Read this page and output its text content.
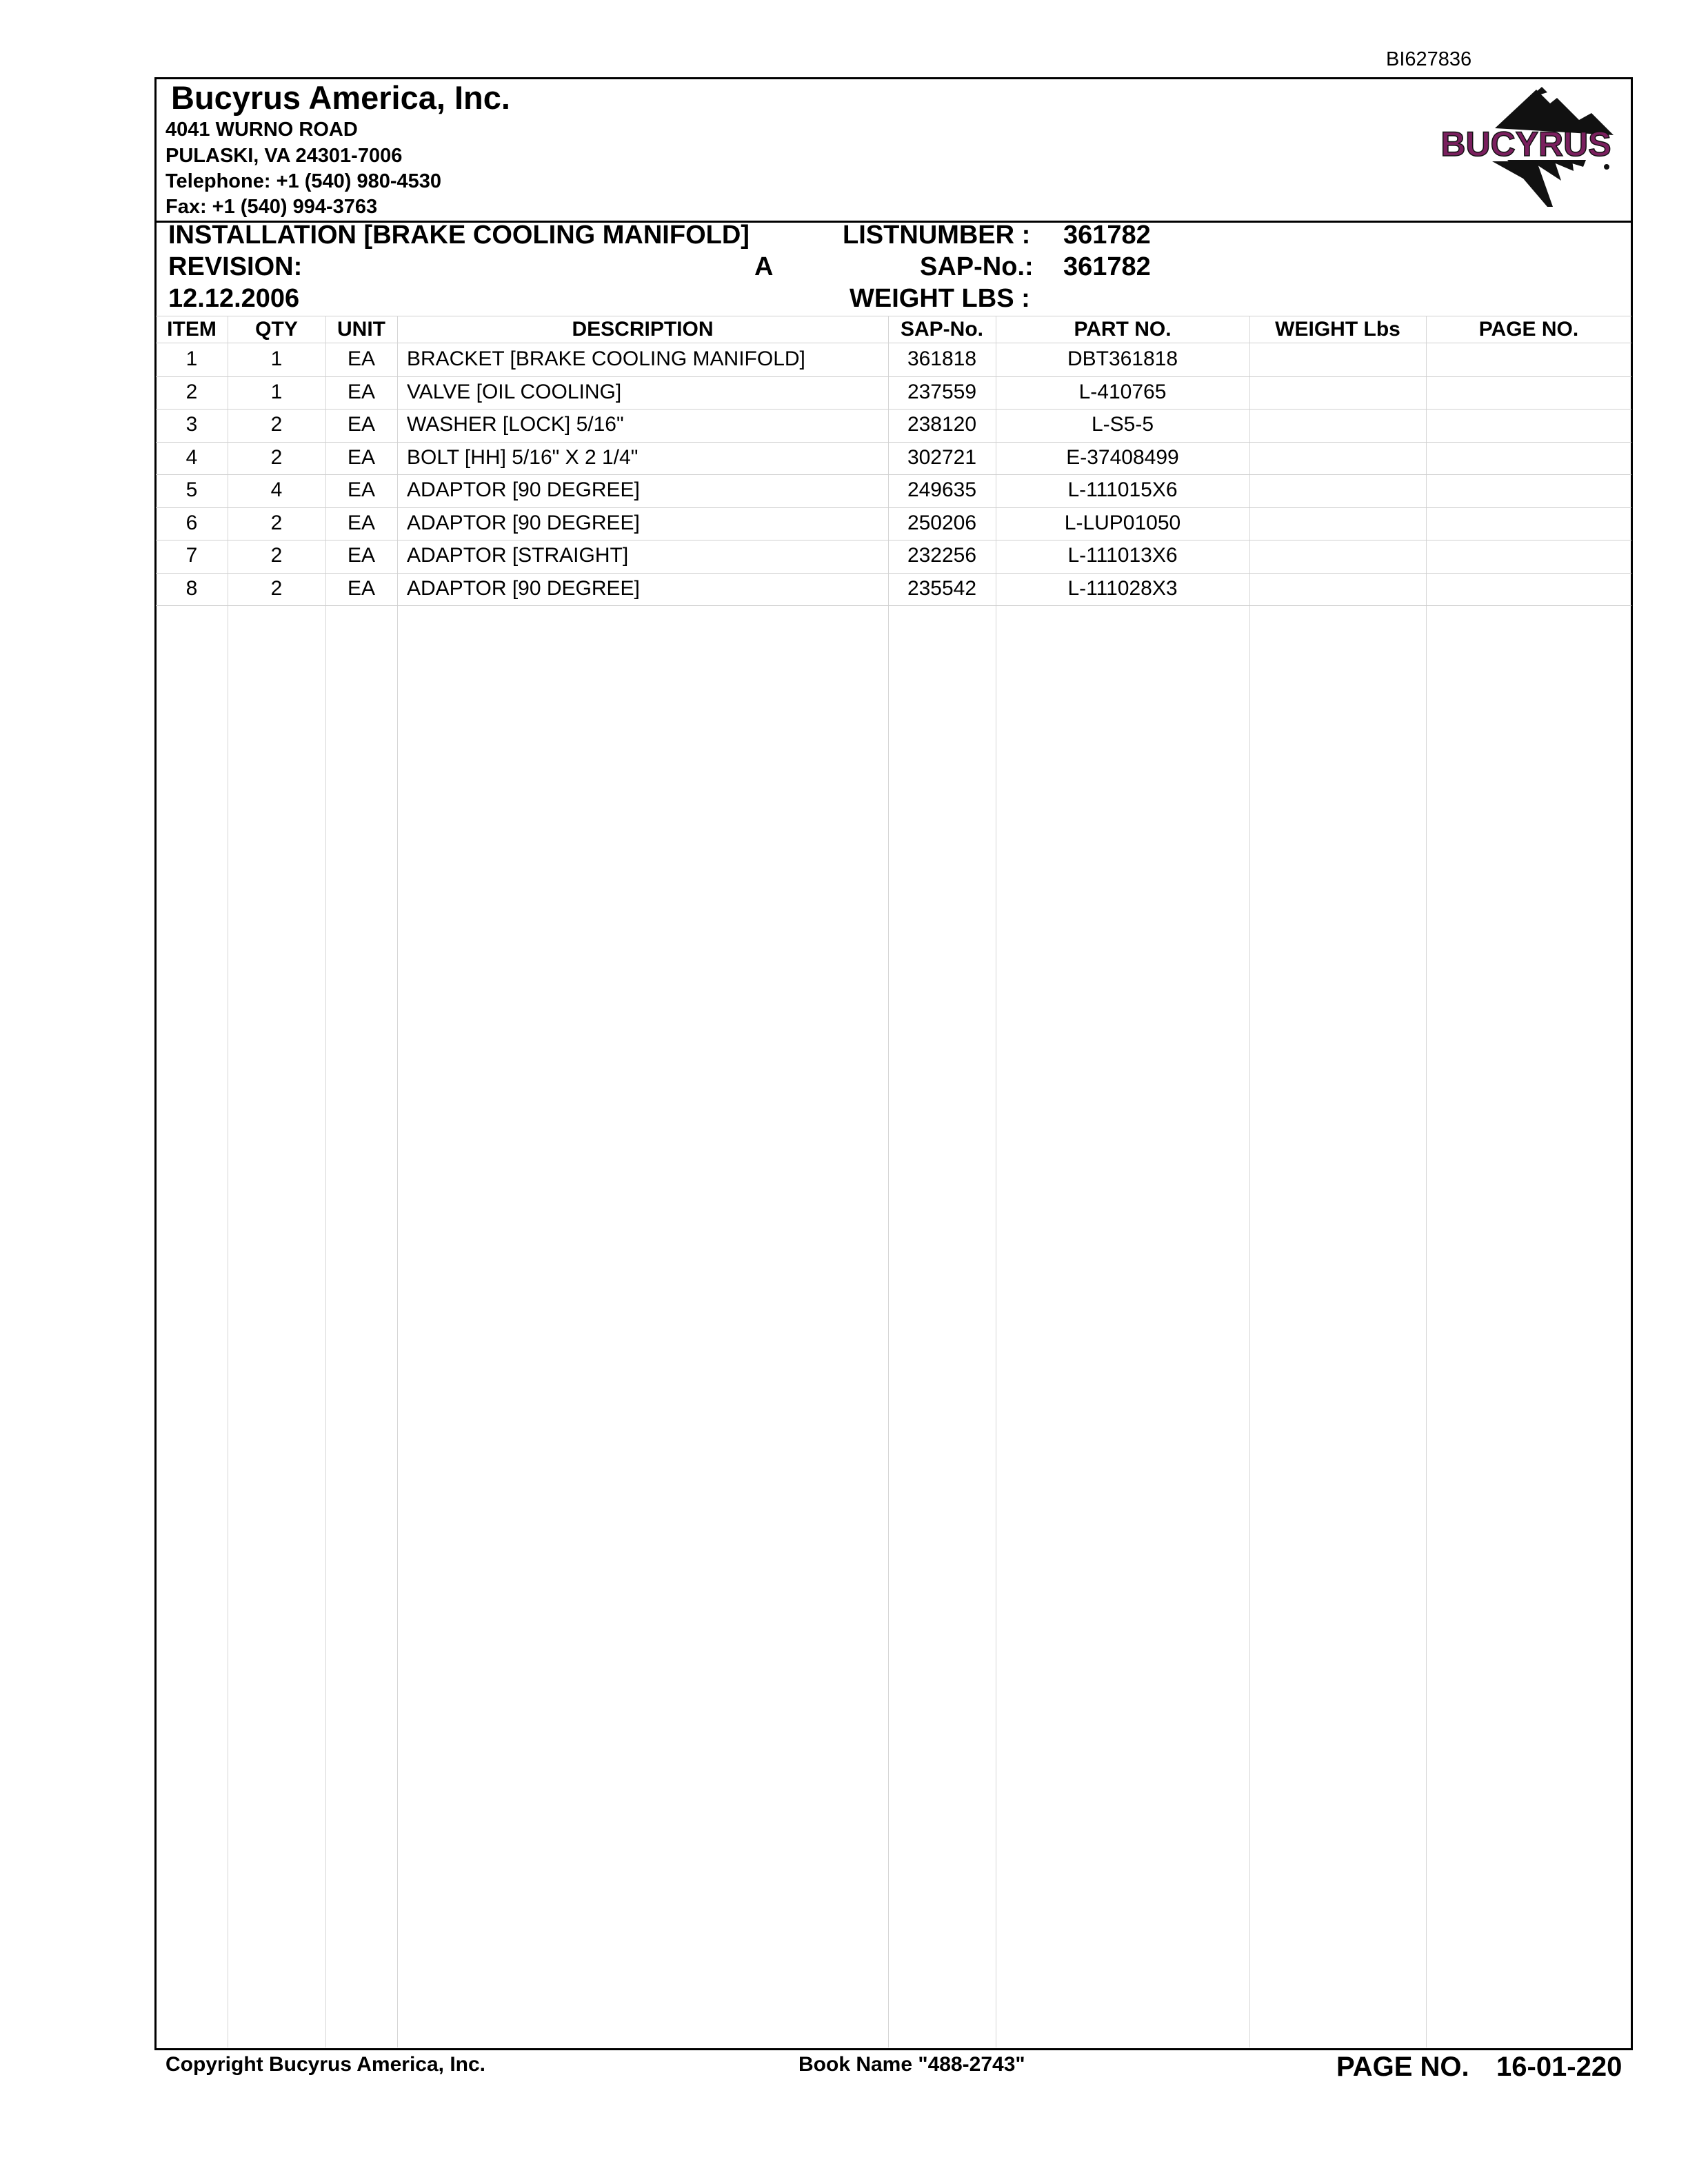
BI627836
Bucyrus America, Inc.
4041 WURNO ROAD
PULASKI, VA 24301-7006
Telephone: +1 (540) 980-4530
Fax: +1 (540) 994-3763
BUCYRUS
INSTALLATION [BRAKE COOLING MANIFOLD]
REVISION:	A
12.12.2006
LISTNUMBER : 361782
SAP-No.: 361782
WEIGHT LBS :
ITEM	QTY	UNIT	DESCRIPTION	SAP-No.	PART NO.	WEIGHT Lbs	PAGE NO.
1	1	EA	BRACKET [BRAKE COOLING MANIFOLD]	361818	DBT361818
2	1	EA	VALVE [OIL COOLING]	237559	L-410765
3	2	EA	WASHER [LOCK] 5/16"	238120	L-S5-5
4	2	EA	BOLT [HH] 5/16" X 2 1/4"	302721	E-37408499
5	4	EA	ADAPTOR [90 DEGREE]	249635	L-111015X6
6	2	EA	ADAPTOR [90 DEGREE]	250206	L-LUP01050
7	2	EA	ADAPTOR [STRAIGHT]	232256	L-111013X6
8	2	EA	ADAPTOR [90 DEGREE]	235542	L-111028X3
Copyright Bucyrus America, Inc.	Book Name "488-2743"	PAGE NO. 16-01-220
